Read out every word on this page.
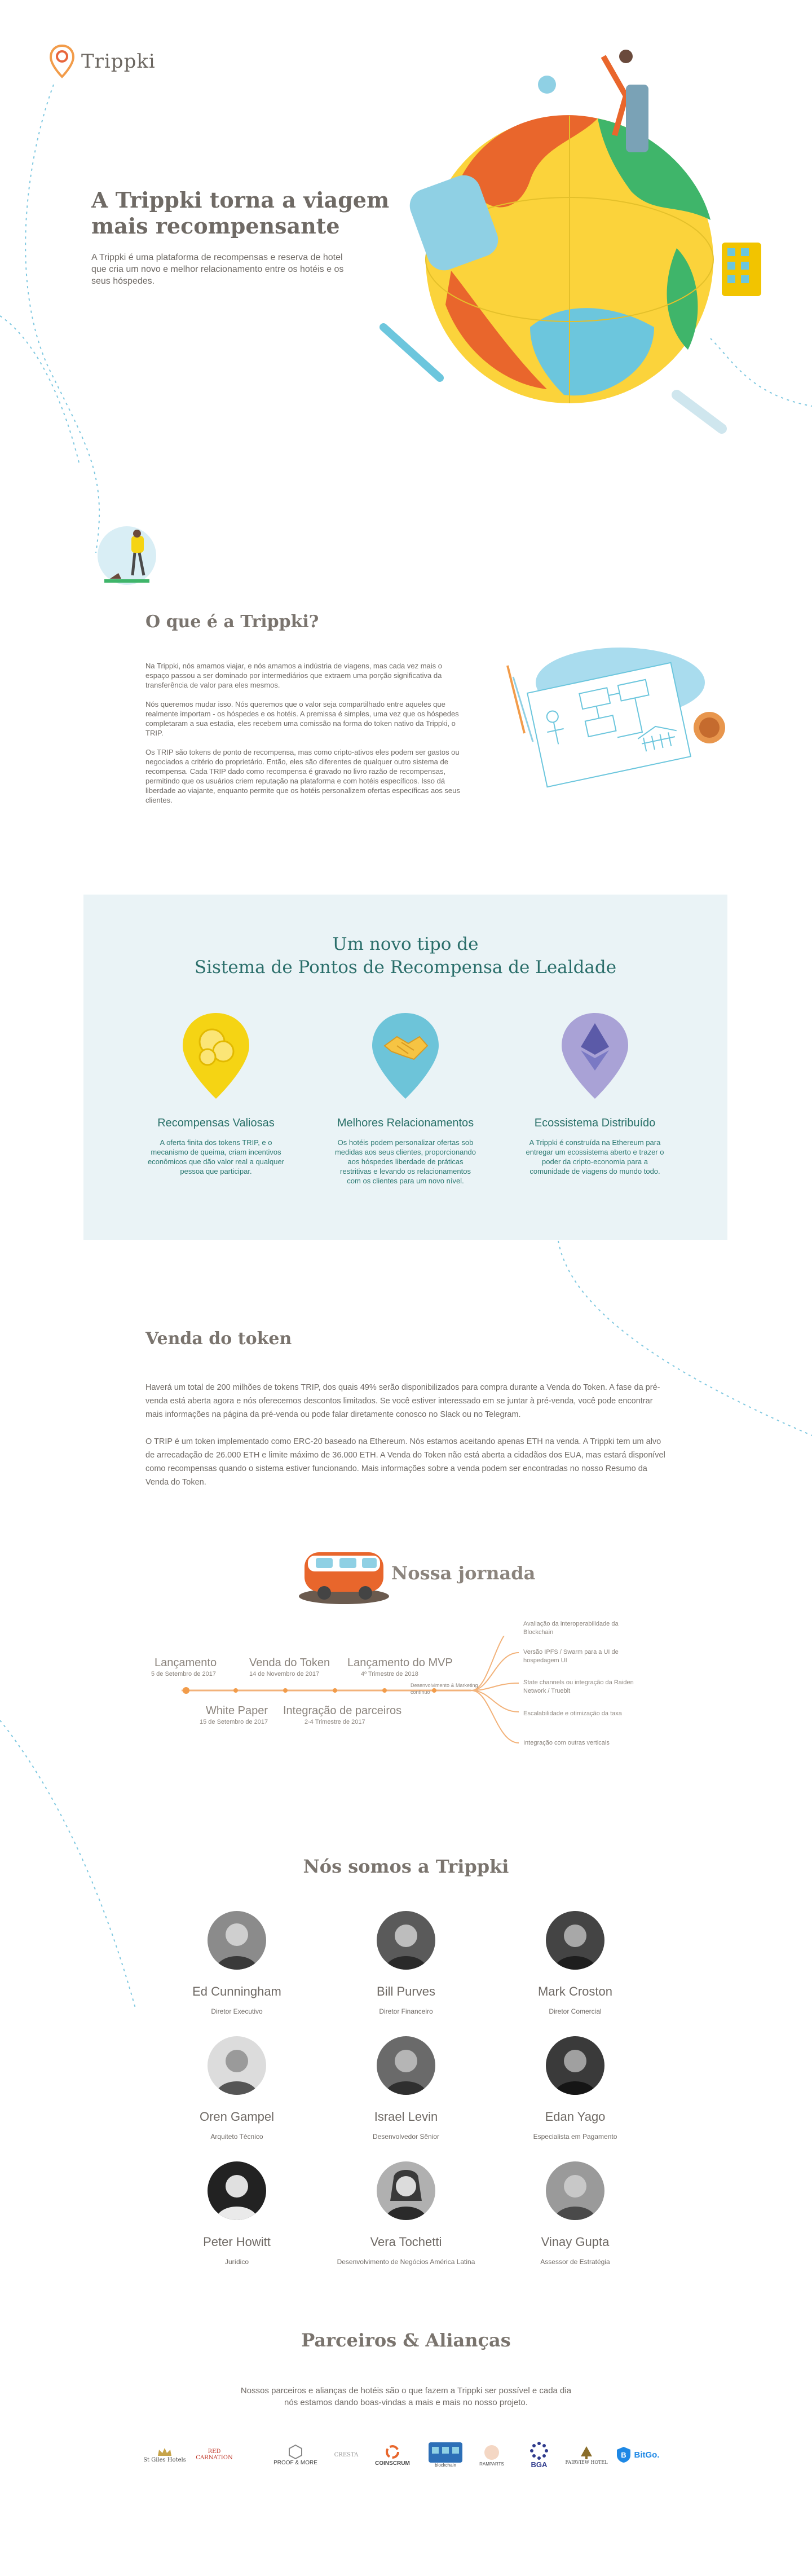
Trippki
A Trippki torna a viagem mais recompensante

A Trippki é uma plataforma de recompensas e reserva de hotel que cria um novo e melhor relacionamento entre os hotéis e os seus hóspedes.

O que é a Trippki?

Na Trippki, nós amamos viajar, e nós amamos a indústria de viagens, mas cada vez mais o espaço passou a ser dominado por intermediários que extraem uma porção significativa da transferência de valor para eles mesmos.

Nós queremos mudar isso. Nós queremos que o valor seja compartilhado entre aqueles que realmente importam - os hóspedes e os hotéis. A premissa é simples, uma vez que os hóspedes completaram a sua estadia, eles recebem uma comissão na forma do token nativo da Trippki, o TRIP.

Os TRIP são tokens de ponto de recompensa, mas como cripto-ativos eles podem ser gastos ou negociados a critério do proprietário. Então, eles são diferentes de qualquer outro sistema de recompensa. Cada TRIP dado como recompensa é gravado no livro razão de recompensas, permitindo que os usuários criem reputação na plataforma e com hotéis específicos. Isso dá liberdade ao viajante, enquanto permite que os hotéis personalizem ofertas específicas aos seus clientes.

Um novo tipo de
Sistema de Pontos de Recompensa de Lealdade
Recompensas Valiosas

A oferta finita dos tokens TRIP, e o mecanismo de queima, criam incentivos econômicos que dão valor real a qualquer pessoa que participar.

Melhores Relacionamentos

Os hotéis podem personalizar ofertas sob medidas aos seus clientes, proporcionando aos hóspedes liberdade de práticas restritivas e levando os relacionamentos com os clientes para um novo nível.

Ecossistema Distribuído

A Trippki é construída na Ethereum para entregar um ecossistema aberto e trazer o poder da cripto-economia para a comunidade de viagens do mundo todo.

Venda do token

Haverá um total de 200 milhões de tokens TRIP, dos quais 49% serão disponibilizados para compra durante a Venda do Token. A fase da pré-venda está aberta agora e nós oferecemos descontos limitados. Se você estiver interessado em se juntar à pré-venda, você pode encontrar mais informações na página da pré-venda ou pode falar diretamente conosco no Slack ou no Telegram.

O TRIP é um token implementado como ERC-20 baseado na Ethereum. Nós estamos aceitando apenas ETH na venda. A Trippki tem um alvo de arrecadação de 26.000 ETH e limite máximo de 36.000 ETH. A Venda do Token não está aberta a cidadãos dos EUA, mas estará disponível como recompensas quando o sistema estiver funcionando. Mais informações sobre a venda podem ser encontradas no nosso Resumo da Venda do Token.

Nossa jornada
Lançamento
5 de Setembro de 2017
Venda do Token
14 de Novembro de 2017
Lançamento do MVP
4º Trimestre de 2018
White Paper
15 de Setembro de 2017
Integração de parceiros
2-4 Trimestre de 2017
Desenvolvimento & Marketing contínuo
Avaliação da interoperabilidade da Blockchain
Versão IPFS / Swarm para a UI de hospedagem UI
State channels ou integração da Raiden Network / Trueblt
Escalabilidade e otimização da taxa
Integração com outras verticais
Nós somos a Trippki
Ed Cunningham
Diretor Executivo
Bill Purves
Diretor Financeiro
Mark Croston
Diretor Comercial
Oren Gampel
Arquiteto Técnico
Israel Levin
Desenvolvedor Sênior
Edan Yago
Especialista em Pagamento
Peter Howitt
Jurídico
Vera Tochetti
Desenvolvimento de Negócios América Latina
Vinay Gupta
Assessor de Estratégia
Parceiros & Alianças

Nossos parceiros e alianças de hotéis são o que fazem a Trippki ser possível e cada dia nós estamos dando boas-vindas a mais e mais no nosso projeto.

St Giles Hotels
RED CARNATION
PROOF & MORE
CRESTA
COINSCRUM	blockchain	RAMPARTS	BGA	FAIRVIEW HOTEL
B BitGo.
